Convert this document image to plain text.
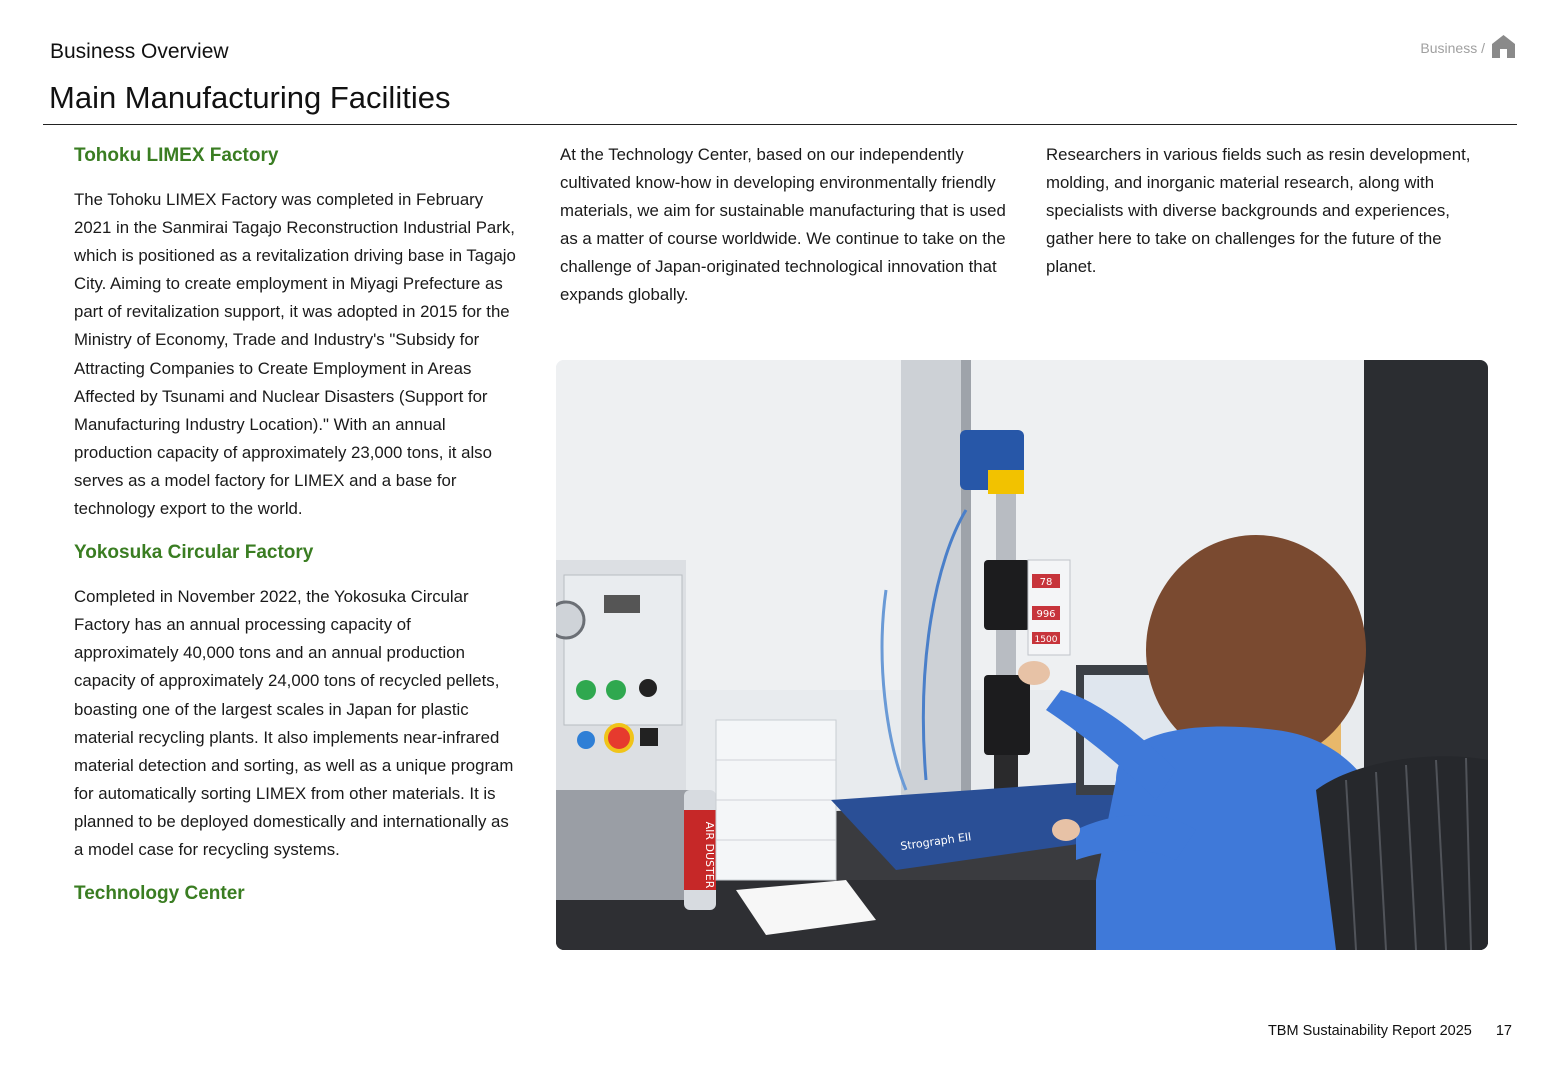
Business Overview
Main Manufacturing Facilities
Business /
Tohoku LIMEX Factory

The Tohoku LIMEX Factory was completed in February 2021 in the Sanmirai Tagajo Reconstruction Industrial Park, which is positioned as a revitalization driving base in Tagajo City. Aiming to create employment in Miyagi Prefecture as part of revitalization support, it was adopted in 2015 for the Ministry of Economy, Trade and Industry's "Subsidy for Attracting Companies to Create Employment in Areas Affected by Tsunami and Nuclear Disasters (Support for Manufacturing Industry Location)." With an annual production capacity of approximately 23,000 tons, it also serves as a model factory for LIMEX and a base for technology export to the world.

Yokosuka Circular Factory

Completed in November 2022, the Yokosuka Circular Factory has an annual processing capacity of approximately 40,000 tons and an annual production capacity of approximately 24,000 tons of recycled pellets, boasting one of the largest scales in Japan for plastic material recycling plants. It also implements near-infrared material detection and sorting, as well as a unique program for automatically sorting LIMEX from other materials. It is planned to be deployed domestically and internationally as a model case for recycling systems.

Technology Center

At the Technology Center, based on our independently cultivated know-how in developing environmentally friendly materials, we aim for sustainable manufacturing that is used as a matter of course worldwide. We continue to take on the challenge of Japan-originated technological innovation that expands globally.

Researchers in various fields such as resin development, molding, and inorganic material research, along with specialists with diverse backgrounds and experiences, gather here to take on challenges for the future of the planet.

AIR DUSTER
78
996
1500
Strograph EII
TBM Sustainability Report 2025 17
